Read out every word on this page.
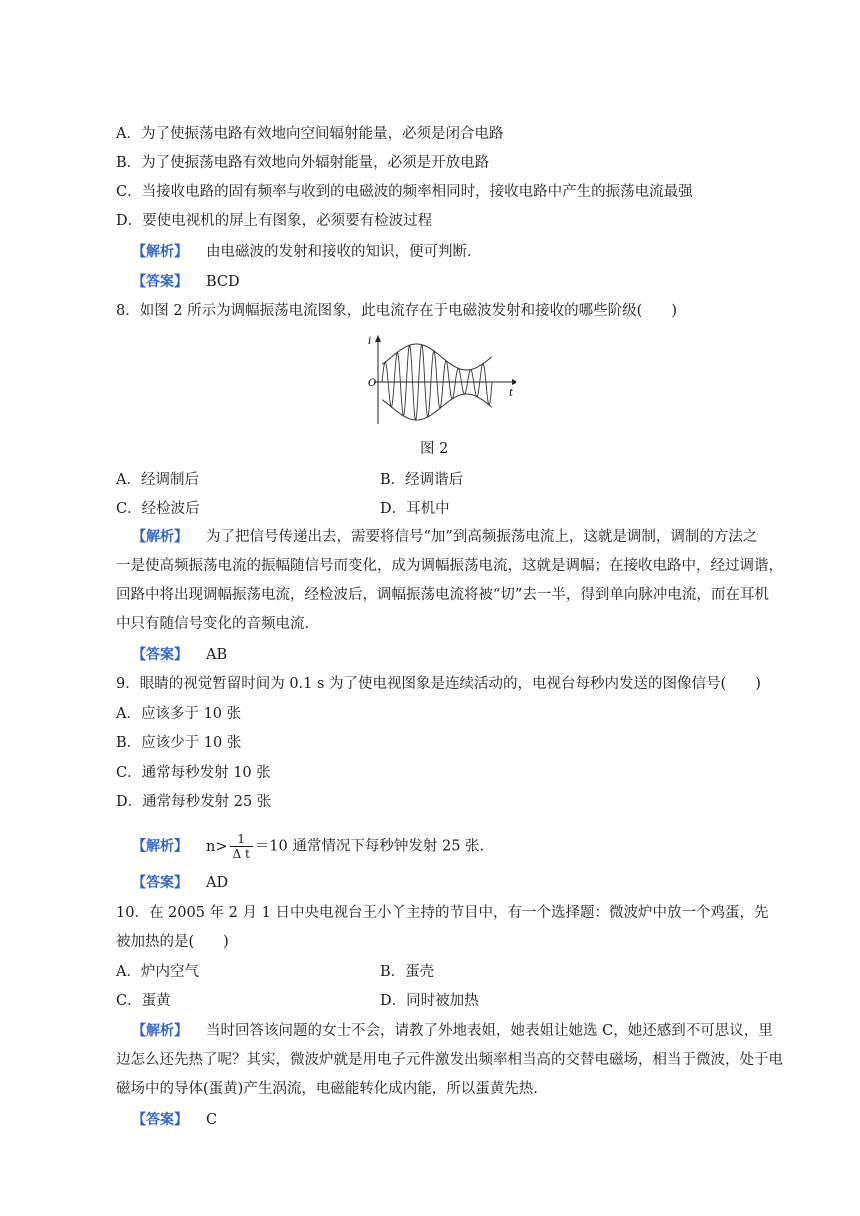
A．为了使振荡电路有效地向空间辐射能量，必须是闭合电路
B．为了使振荡电路有效地向外辐射能量，必须是开放电路
C．当接收电路的固有频率与收到的电磁波的频率相同时，接收电路中产生的振荡电流最强
D．要使电视机的屏上有图象，必须要有检波过程
【解析】 由电磁波的发射和接收的知识，便可判断.
【答案】 BCD
8．如图 2 所示为调幅振荡电流图象，此电流存在于电磁波发射和接收的哪些阶级(　　)
i
O
t
图 2
A．经调制后	B．经调谐后
C．经检波后	D．耳机中
【解析】 为了把信号传递出去，需要将信号“加”到高频振荡电流上，这就是调制，调制的方法之
一是使高频振荡电流的振幅随信号而变化，成为调幅振荡电流，这就是调幅；在接收电路中，经过调谐，
回路中将出现调幅振荡电流，经检波后，调幅振荡电流将被“切”去一半，得到单向脉冲电流，而在耳机
中只有随信号变化的音频电流.
【答案】 AB
9．眼睛的视觉暂留时间为 0.1 s 为了使电视图象是连续活动的，电视台每秒内发送的图像信号(　　)
A．应该多于 10 张
B．应该少于 10 张
C．通常每秒发射 10 张
D．通常每秒发射 25 张
【解析】 $n> \frac{1}{\text{Δ t}} =10$ 通常情况下每秒钟发射 25 张.
【答案】 AD
10．在 2005 年 2 月 1 日中央电视台王小丫主持的节目中，有一个选择题：微波炉中放一个鸡蛋，先
被加热的是(　　)
A．炉内空气	B．蛋壳
C．蛋黄	D．同时被加热
【解析】 当时回答该问题的女士不会，请教了外地表姐，她表姐让她选 C，她还感到不可思议，里
边怎么还先热了呢？其实，微波炉就是用电子元件激发出频率相当高的交替电磁场，相当于微波，处于电
磁场中的导体(蛋黄)产生涡流，电磁能转化成内能，所以蛋黄先热.
【答案】 C
